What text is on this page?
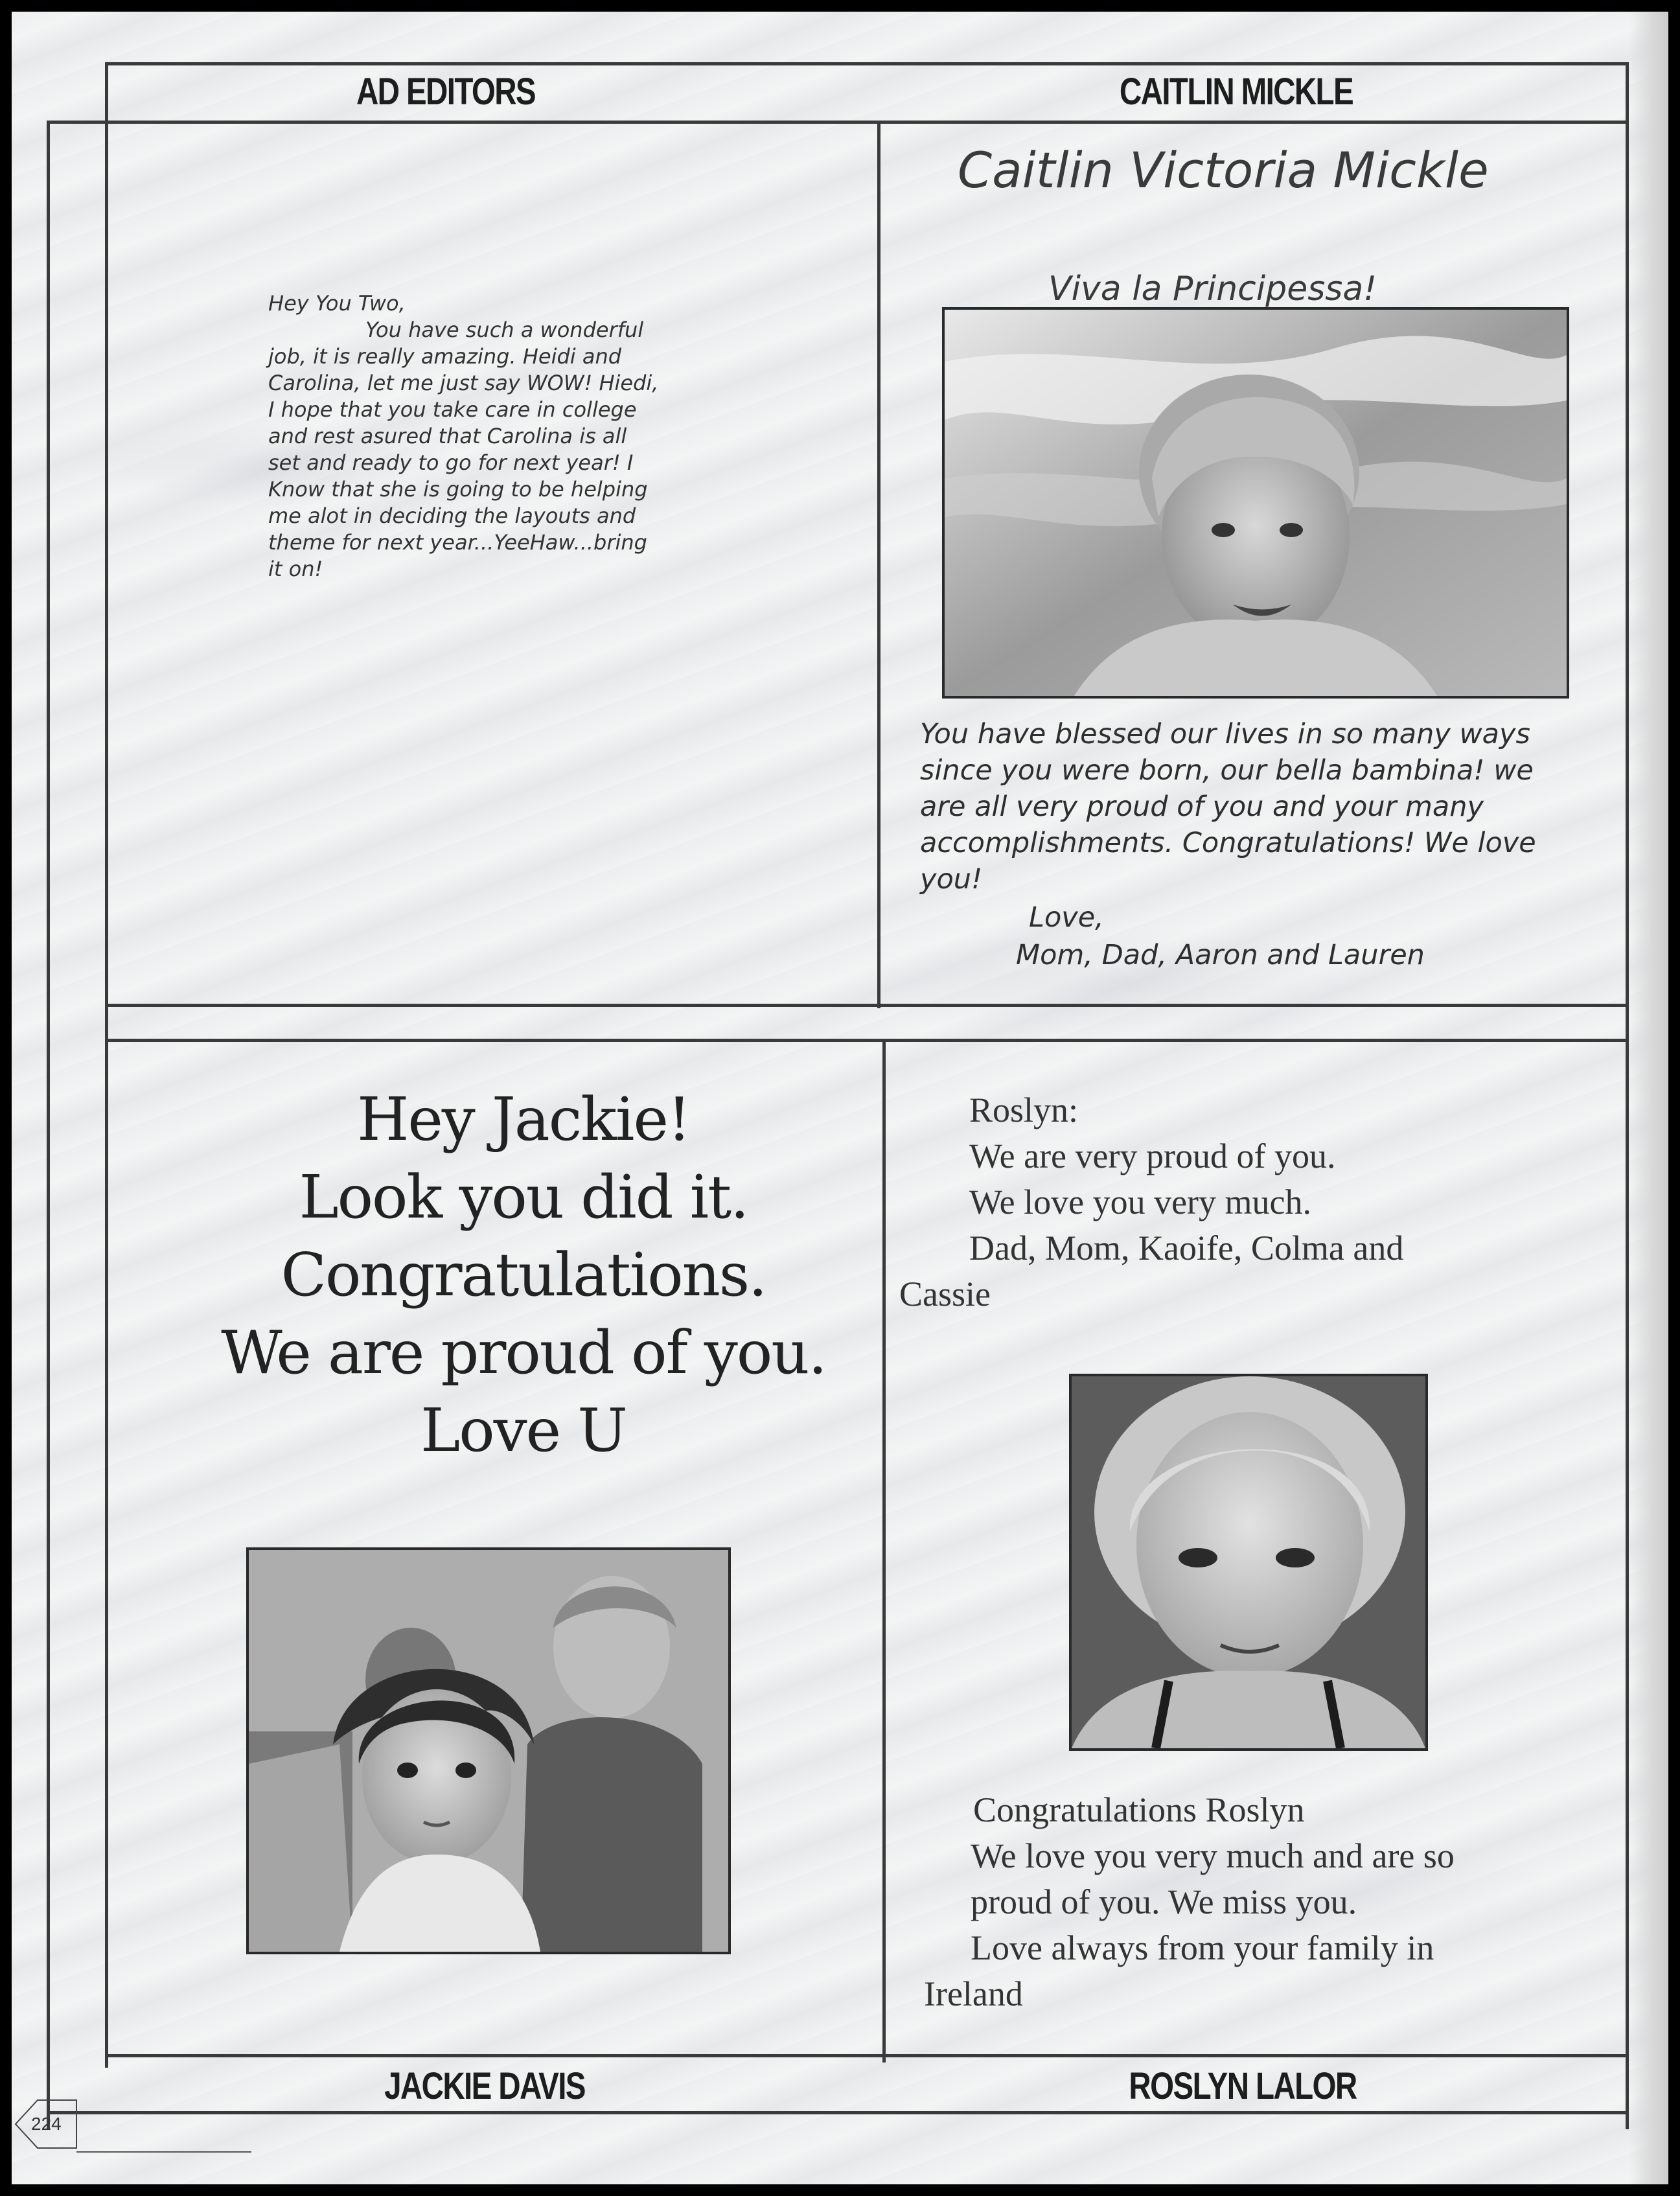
AD EDITORS	CAITLIN MICKLE
JACKIE DAVIS	ROSLYN LALOR
Hey You Two,
You have such a wonderful
job, it is really amazing. Heidi and
Carolina, let me just say WOW! Hiedi,
I hope that you take care in college
and rest asured that Carolina is all
set and ready to go for next year! I
Know that she is going to be helping
me alot in deciding the layouts and
theme for next year...YeeHaw...bring
it on!
Caitlin Victoria Mickle
Viva la Principessa!
You have blessed our lives in so many ways
since you were born, our bella bambina! we
are all very proud of you and your many
accomplishments. Congratulations! We love
you!
Love,
Mom, Dad, Aaron and Lauren
Hey Jackie!
Look you did it.
Congratulations.
We are proud of you.
Love U
Roslyn:
We are very proud of you.
We love you very much.
Dad, Mom, Kaoife, Colma and
Cassie
Congratulations Roslyn
We love you very much and are so
proud of you. We miss you.
Love always from your family in
Ireland
224
